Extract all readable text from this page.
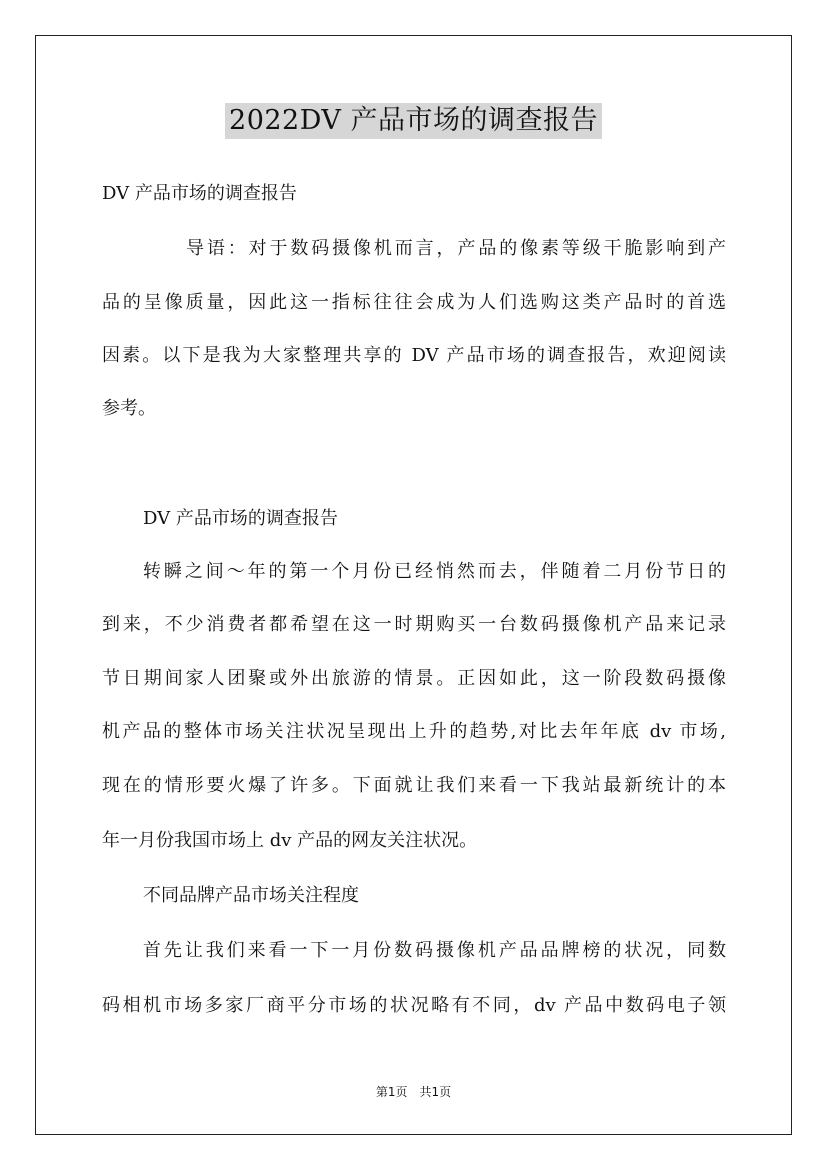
2022DV 产品市场的调查报告
DV 产品市场的调查报告
导语：对于数码摄像机而言，产品的像素等级干脆影响到产
品的呈像质量，因此这一指标往往会成为人们选购这类产品时的首选
因素。以下是我为大家整理共享的 DV 产品市场的调查报告，欢迎阅读
参考。
DV 产品市场的调查报告
转瞬之间～年的第一个月份已经悄然而去，伴随着二月份节日的
到来，不少消费者都希望在这一时期购买一台数码摄像机产品来记录
节日期间家人团聚或外出旅游的情景。正因如此，这一阶段数码摄像
机产品的整体市场关注状况呈现出上升的趋势,对比去年年底 dv 市场,
现在的情形要火爆了许多。下面就让我们来看一下我站最新统计的本
年一月份我国市场上 dv 产品的网友关注状况。
不同品牌产品市场关注程度
首先让我们来看一下一月份数码摄像机产品品牌榜的状况，同数
码相机市场多家厂商平分市场的状况略有不同，dv 产品中数码电子领
第1页　共1页
